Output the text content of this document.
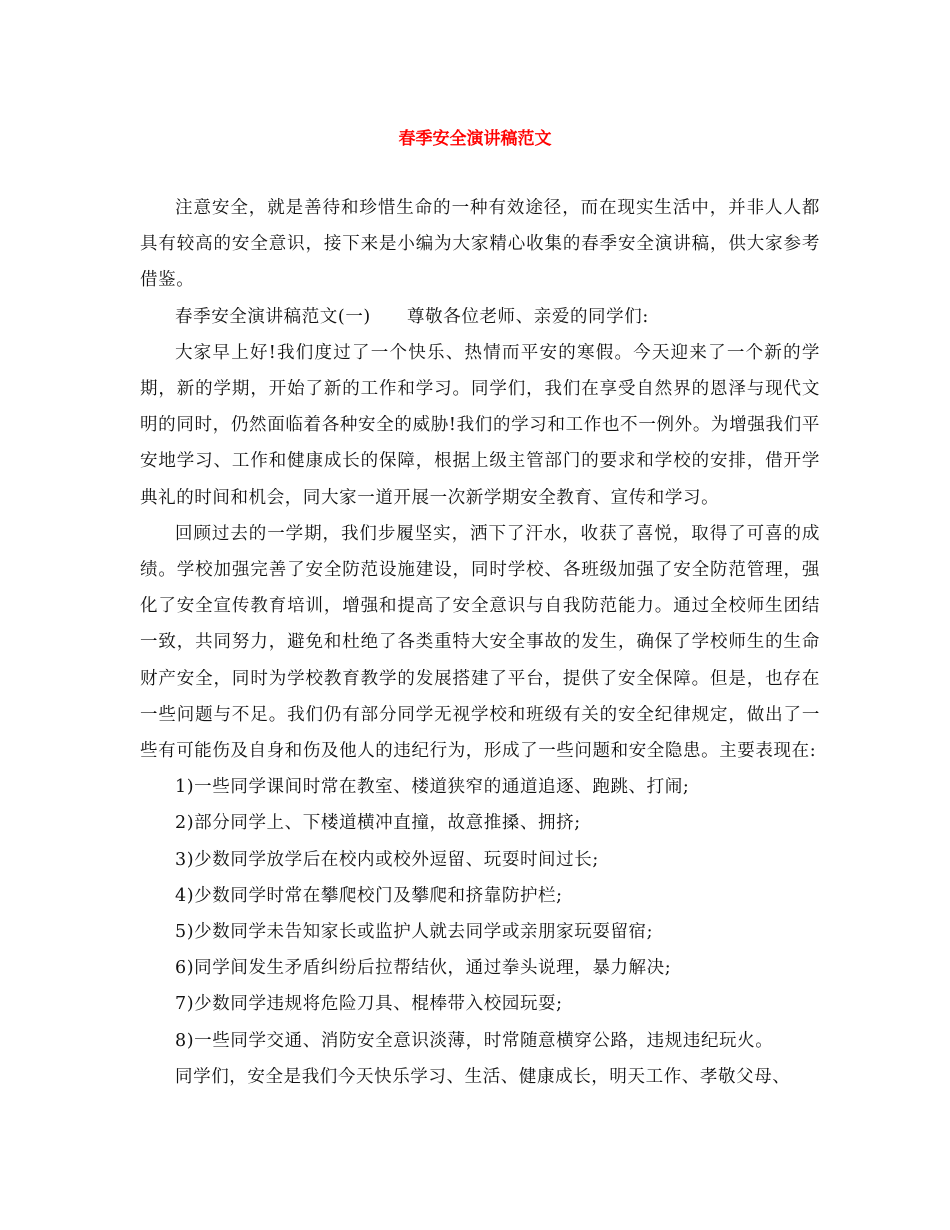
春季安全演讲稿范文

注意安全，就是善待和珍惜生命的一种有效途径，而在现实生活中，并非人人都具有较高的安全意识，接下来是小编为大家精心收集的春季安全演讲稿，供大家参考借鉴。

春季安全演讲稿范文(一)　　尊敬各位老师、亲爱的同学们:

大家早上好!我们度过了一个快乐、热情而平安的寒假。今天迎来了一个新的学期，新的学期，开始了新的工作和学习。同学们，我们在享受自然界的恩泽与现代文明的同时，仍然面临着各种安全的威胁!我们的学习和工作也不一例外。为增强我们平安地学习、工作和健康成长的保障，根据上级主管部门的要求和学校的安排，借开学典礼的时间和机会，同大家一道开展一次新学期安全教育、宣传和学习。

回顾过去的一学期，我们步履坚实，洒下了汗水，收获了喜悦，取得了可喜的成绩。学校加强完善了安全防范设施建设，同时学校、各班级加强了安全防范管理，强化了安全宣传教育培训，增强和提高了安全意识与自我防范能力。通过全校师生团结一致，共同努力，避免和杜绝了各类重特大安全事故的发生，确保了学校师生的生命财产安全，同时为学校教育教学的发展搭建了平台，提供了安全保障。但是，也存在一些问题与不足。我们仍有部分同学无视学校和班级有关的安全纪律规定，做出了一些有可能伤及自身和伤及他人的违纪行为，形成了一些问题和安全隐患。主要表现在:

1)一些同学课间时常在教室、楼道狭窄的通道追逐、跑跳、打闹;

2)部分同学上、下楼道横冲直撞，故意推搡、拥挤;

3)少数同学放学后在校内或校外逗留、玩耍时间过长;

4)少数同学时常在攀爬校门及攀爬和挤靠防护栏;

5)少数同学未告知家长或监护人就去同学或亲朋家玩耍留宿;

6)同学间发生矛盾纠纷后拉帮结伙，通过拳头说理，暴力解决;

7)少数同学违规将危险刀具、棍棒带入校园玩耍;

8)一些同学交通、消防安全意识淡薄，时常随意横穿公路，违规违纪玩火。

同学们，安全是我们今天快乐学习、生活、健康成长，明天工作、孝敬父母、
